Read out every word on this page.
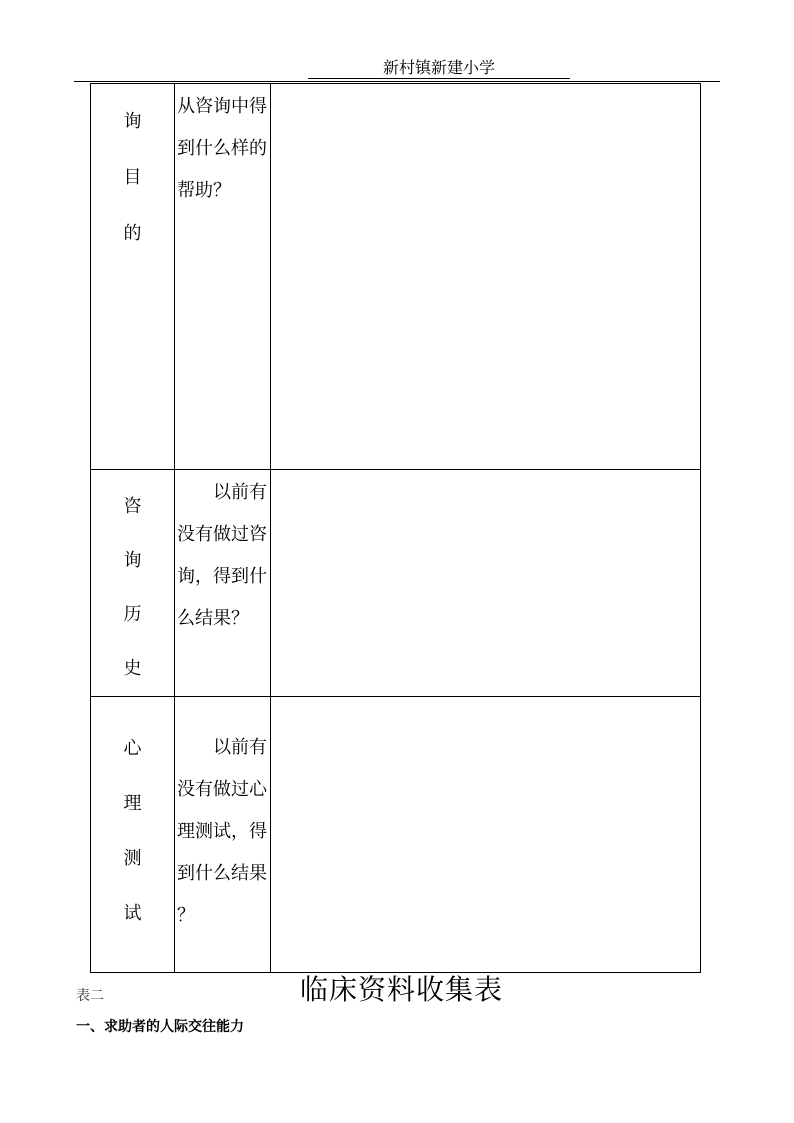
新村镇新建小学
询
目
的	从咨询中得到什么样的帮助？	

咨
询
历
史	以前有没有做过咨询，得到什么结果？	

心
理
测
试	以前有没有做过心理测试，得到什么结果 ？	

表二	临床资料收集表
一、求助者的人际交往能力
